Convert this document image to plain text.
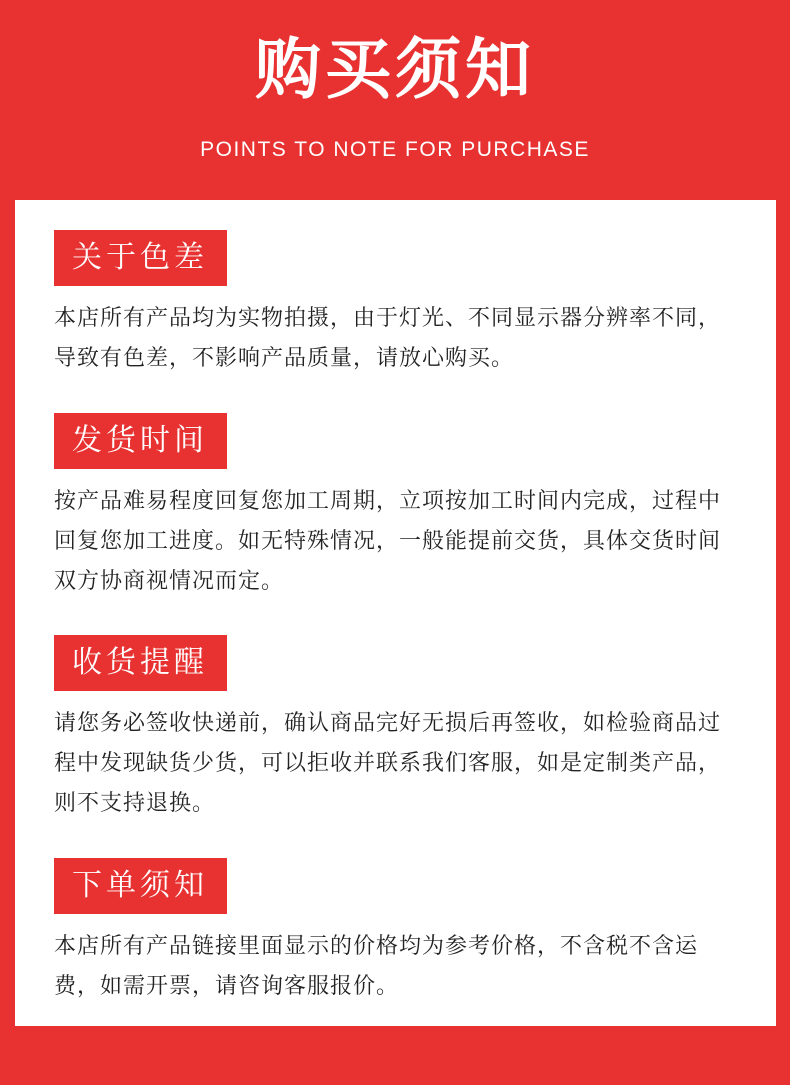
购买须知
POINTS TO NOTE FOR PURCHASE
关于色差
本店所有产品均为实物拍摄，由于灯光、不同显示器分辨率不同，导致有色差，不影响产品质量，请放心购买。
发货时间
按产品难易程度回复您加工周期，立项按加工时间内完成，过程中回复您加工进度。如无特殊情况，一般能提前交货，具体交货时间双方协商视情况而定。
收货提醒
请您务必签收快递前，确认商品完好无损后再签收，如检验商品过程中发现缺货少货，可以拒收并联系我们客服，如是定制类产品，则不支持退换。
下单须知
本店所有产品链接里面显示的价格均为参考价格，不含税不含运费，如需开票，请咨询客服报价。
